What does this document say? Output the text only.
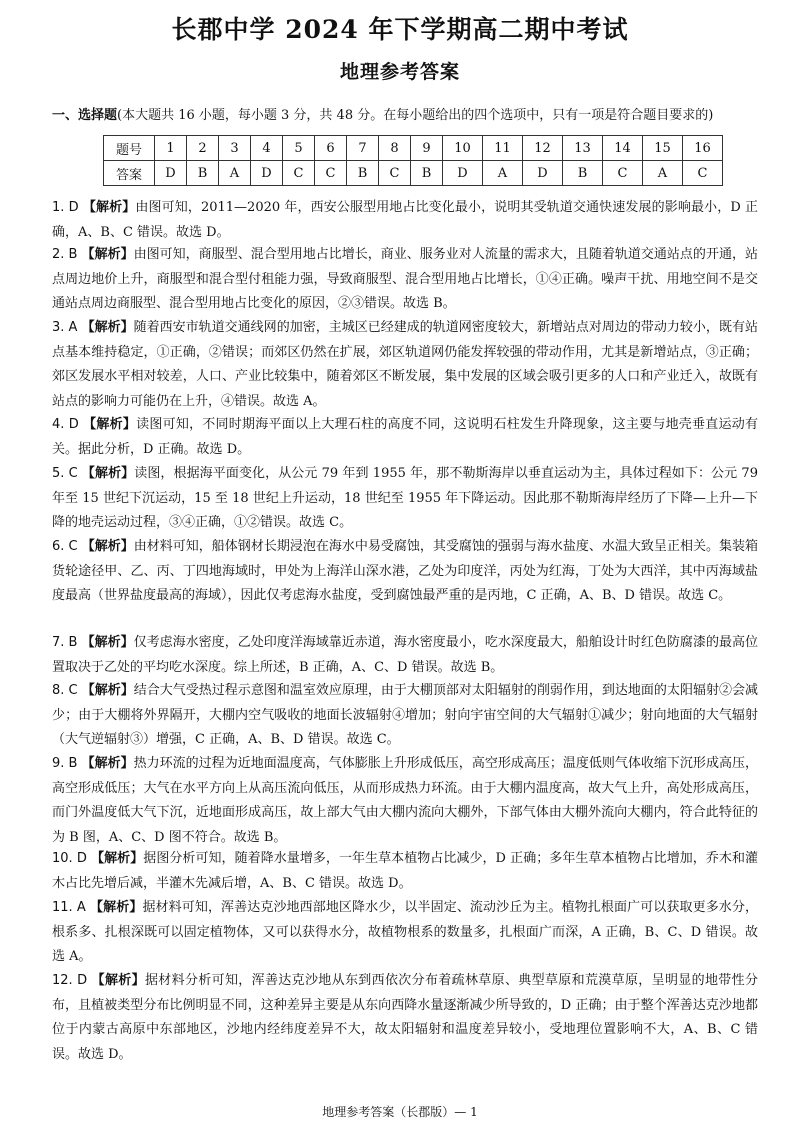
长郡中学 2024 年下学期高二期中考试
地理参考答案
一、选择题(本大题共 16 小题，每小题 3 分，共 48 分。在每小题给出的四个选项中，只有一项是符合题目要求的)
题号	1	2	3	4	5	6	7	8	9	10	11	12	13	14	15	16
答案	D	B	A	D	C	C	B	C	B	D	A	D	B	C	A	C
1. D 【解析】由图可知，2011—2020 年，西安公服型用地占比变化最小，说明其受轨道交通快速发展的影响最小，D 正确，A、B、C 错误。故选 D。
2. B 【解析】由图可知，商服型、混合型用地占比增长，商业、服务业对人流量的需求大，且随着轨道交通站点的开通，站点周边地价上升，商服型和混合型付租能力强，导致商服型、混合型用地占比增长，①④正确。噪声干扰、用地空间不是交通站点周边商服型、混合型用地占比变化的原因，②③错误。故选 B。
3. A 【解析】随着西安市轨道交通线网的加密，主城区已经建成的轨道网密度较大，新增站点对周边的带动力较小，既有站点基本维持稳定，①正确，②错误；而郊区仍然在扩展，郊区轨道网仍能发挥较强的带动作用，尤其是新增站点，③正确；郊区发展水平相对较差，人口、产业比较集中，随着郊区不断发展，集中发展的区域会吸引更多的人口和产业迁入，故既有站点的影响力可能仍在上升，④错误。故选 A。
4. D 【解析】读图可知，不同时期海平面以上大理石柱的高度不同，这说明石柱发生升降现象，这主要与地壳垂直运动有关。据此分析，D 正确。故选 D。
5. C 【解析】读图，根据海平面变化，从公元 79 年到 1955 年，那不勒斯海岸以垂直运动为主，具体过程如下：公元 79 年至 15 世纪下沉运动，15 至 18 世纪上升运动，18 世纪至 1955 年下降运动。因此那不勒斯海岸经历了下降—上升—下降的地壳运动过程，③④正确，①②错误。故选 C。
6. C 【解析】由材料可知，船体钢材长期浸泡在海水中易受腐蚀，其受腐蚀的强弱与海水盐度、水温大致呈正相关。集装箱货轮途径甲、乙、丙、丁四地海域时，甲处为上海洋山深水港，乙处为印度洋，丙处为红海，丁处为大西洋，其中丙海域盐度最高（世界盐度最高的海域），因此仅考虑海水盐度，受到腐蚀最严重的是丙地，C 正确，A、B、D 错误。故选 C。
7. B 【解析】仅考虑海水密度，乙处印度洋海域靠近赤道，海水密度最小，吃水深度最大，船舶设计时红色防腐漆的最高位置取决于乙处的平均吃水深度。综上所述，B 正确，A、C、D 错误。故选 B。
8. C 【解析】结合大气受热过程示意图和温室效应原理，由于大棚顶部对太阳辐射的削弱作用，到达地面的太阳辐射②会减少；由于大棚将外界隔开，大棚内空气吸收的地面长波辐射④增加；射向宇宙空间的大气辐射①减少；射向地面的大气辐射（大气逆辐射③）增强，C 正确，A、B、D 错误。故选 C。
9. B 【解析】热力环流的过程为近地面温度高，气体膨胀上升形成低压，高空形成高压；温度低则气体收缩下沉形成高压，高空形成低压；大气在水平方向上从高压流向低压，从而形成热力环流。由于大棚内温度高，故大气上升，高处形成高压，而门外温度低大气下沉，近地面形成高压，故上部大气由大棚内流向大棚外，下部气体由大棚外流向大棚内，符合此特征的为 B 图，A、C、D 图不符合。故选 B。
10. D 【解析】据图分析可知，随着降水量增多，一年生草本植物占比减少，D 正确；多年生草本植物占比增加，乔木和灌木占比先增后减，半灌木先减后增，A、B、C 错误。故选 D。
11. A 【解析】据材料可知，浑善达克沙地西部地区降水少，以半固定、流动沙丘为主。植物扎根面广可以获取更多水分，根系多、扎根深既可以固定植物体，又可以获得水分，故植物根系的数量多，扎根面广而深，A 正确，B、C、D 错误。故选 A。
12. D 【解析】据材料分析可知，浑善达克沙地从东到西依次分布着疏林草原、典型草原和荒漠草原，呈明显的地带性分布，且植被类型分布比例明显不同，这种差异主要是从东向西降水量逐渐减少所导致的，D 正确；由于整个浑善达克沙地都位于内蒙古高原中东部地区，沙地内经纬度差异不大，故太阳辐射和温度差异较小，受地理位置影响不大，A、B、C 错误。故选 D。
地理参考答案（长郡版）— 1
